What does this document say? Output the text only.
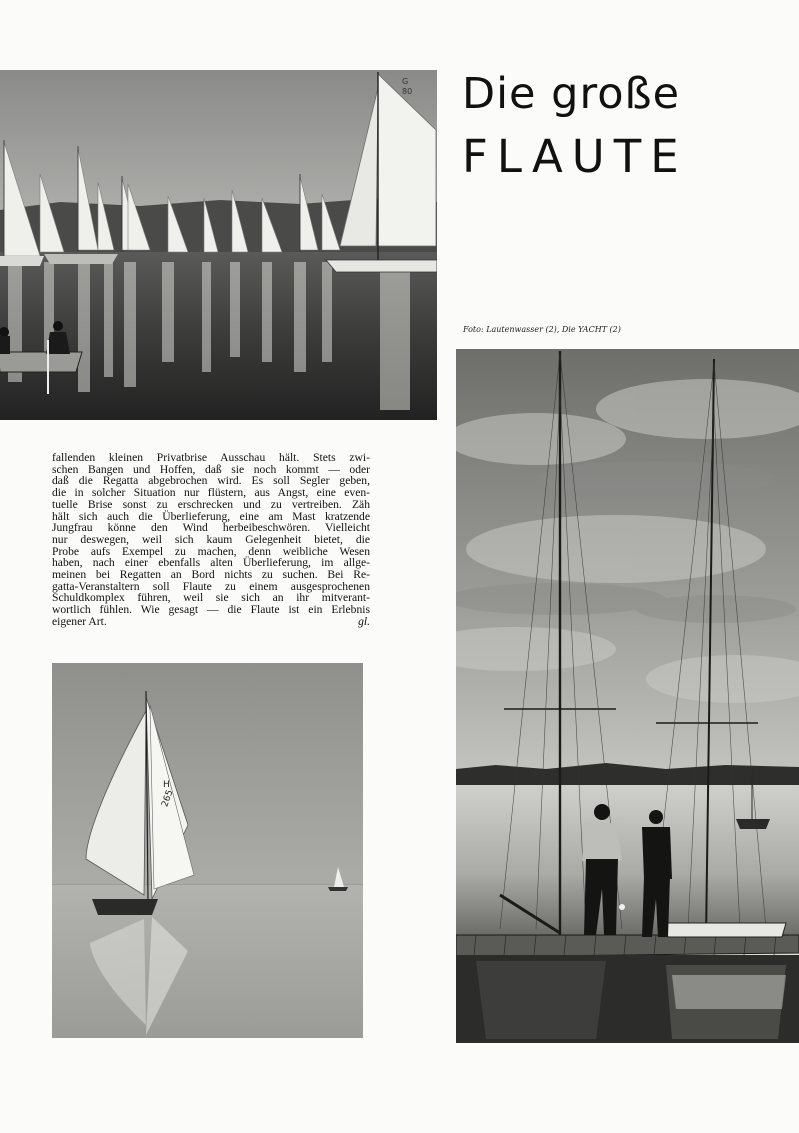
G
80 Die große
FLAUTE
Foto: Lautenwasser (2), Die YACHT (2)
fallenden kleinen Privatbrise Ausschau hält. Stets zwi-
schen Bangen und Hoffen, daß sie noch kommt — oder
daß die Regatta abgebrochen wird. Es soll Segler geben,
die in solcher Situation nur flüstern, aus Angst, eine even-
tuelle Brise sonst zu erschrecken und zu vertreiben. Zäh
hält sich auch die Überlieferung, eine am Mast kratzende
Jungfrau könne den Wind herbeibeschwören. Vielleicht
nur deswegen, weil sich kaum Gelegenheit bietet, die
Probe aufs Exempel zu machen, denn weibliche Wesen
haben, nach einer ebenfalls alten Überlieferung, im allge-
meinen bei Regatten an Bord nichts zu suchen. Bei Re-
gatta-Veranstaltern soll Flaute zu einem ausgesprochenen
Schuldkomplex führen, weil sie sich an ihr mitverant-
wortlich fühlen. Wie gesagt — die Flaute ist ein Erlebnis
eigener Art.	gl.
H
265
